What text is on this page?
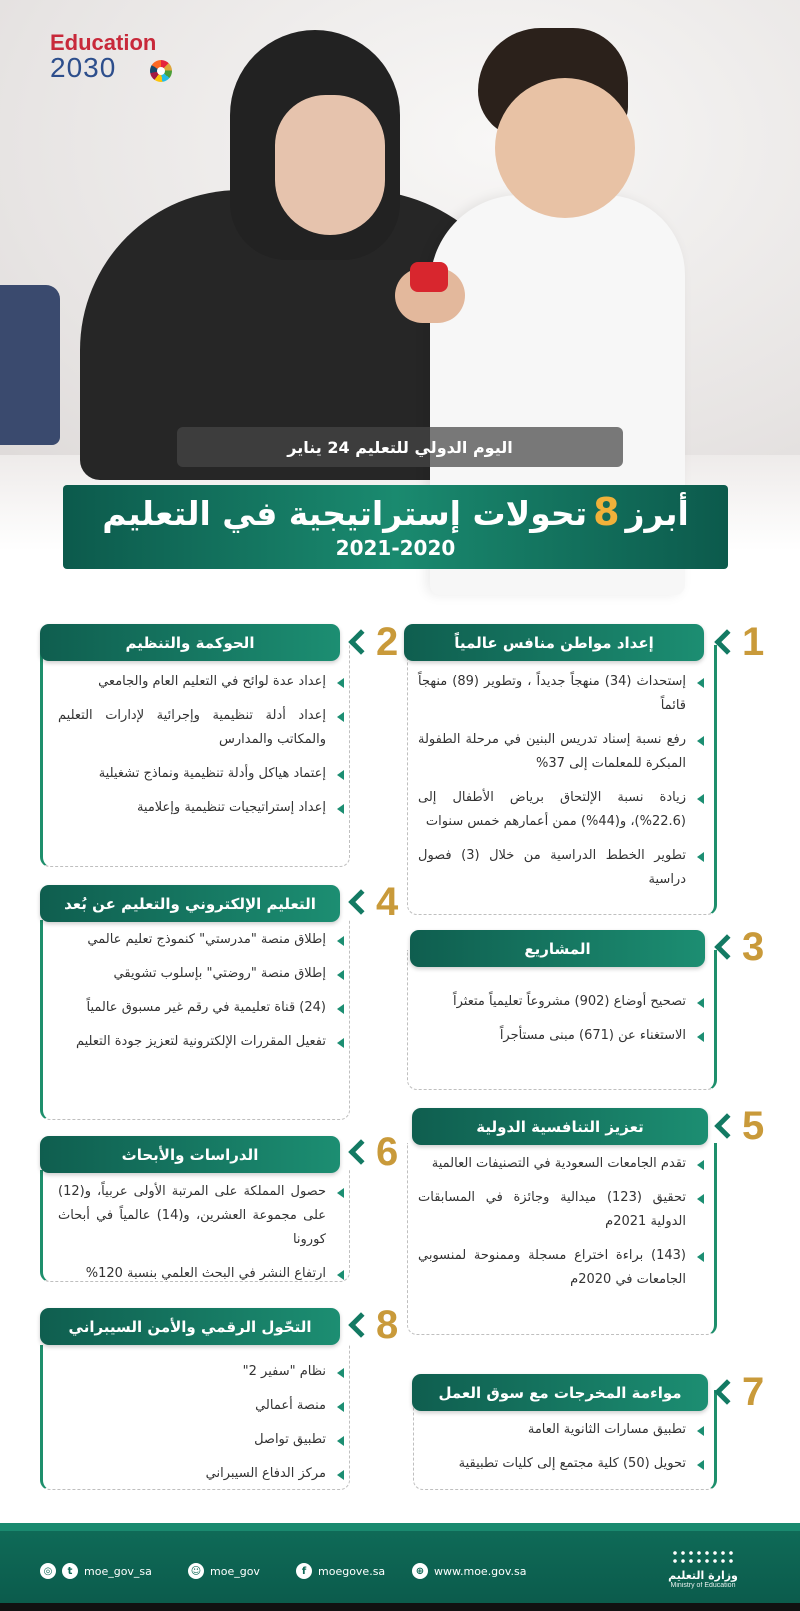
Education
2030
اليوم الدولي للتعليم 24 يناير
أبرز8تحولات إستراتيجية في التعليم
2021-2020
إعداد مواطن منافس عالمياً	1
إستحداث (34) منهجاً جديداً ، وتطوير (89) منهجاً قائماً
رفع نسبة إسناد تدريس البنين في مرحلة الطفولة المبكرة للمعلمات إلى 37%
زيادة نسبة الإلتحاق برياض الأطفال إلى (22.6%)، و(44%) ممن أعمارهم خمس سنوات
تطوير الخطط الدراسية من خلال (3) فصول دراسية
الحوكمة والتنظيم	2
إعداد عدة لوائح في التعليم العام والجامعي
إعداد أدلة تنظيمية وإجرائية لإدارات التعليم والمكاتب والمدارس
إعتماد هياكل وأدلة تنظيمية ونماذج تشغيلية
إعداد إستراتيجيات تنظيمية وإعلامية
المشاريع	3
تصحيح أوضاع (902) مشروعاً تعليمياً متعثراً
الاستغناء عن (671) مبنى مستأجراً
التعليم الإلكتروني والتعليم عن بُعد	4
إطلاق منصة "مدرستي" كنموذج تعليم عالمي
إطلاق منصة "روضتي" بإسلوب تشويقي
(24) قناة تعليمية في رقم غير مسبوق عالمياً
تفعيل المقررات الإلكترونية لتعزيز جودة التعليم
تعزيز التنافسية الدولية	5
تقدم الجامعات السعودية في التصنيفات العالمية
تحقيق (123) ميدالية وجائزة في المسابقات الدولية 2021م
(143) براءة اختراع مسجلة وممنوحة لمنسوبي الجامعات في 2020م
الدراسات والأبحاث	6
حصول المملكة على المرتبة الأولى عربياً، و(12) على مجموعة العشرين، و(14) عالمياً في أبحاث كورونا
ارتفاع النشر في البحث العلمي بنسبة 120%
مواءمة المخرجات مع سوق العمل	7
تطبيق مسارات الثانوية العامة
تحويل (50) كلية مجتمع إلى كليات تطبيقية
التحّول الرقمي والأمن السيبراني	8
نظام "سفير 2"
منصة أعمالي
تطبيق تواصل
مركز الدفاع السيبراني
◎	t	moe_gov_sa	☺ moe_gov	f	moegove.sa	⊕ www.moe.gov.sa	وزارة التعليم
Ministry of Education
